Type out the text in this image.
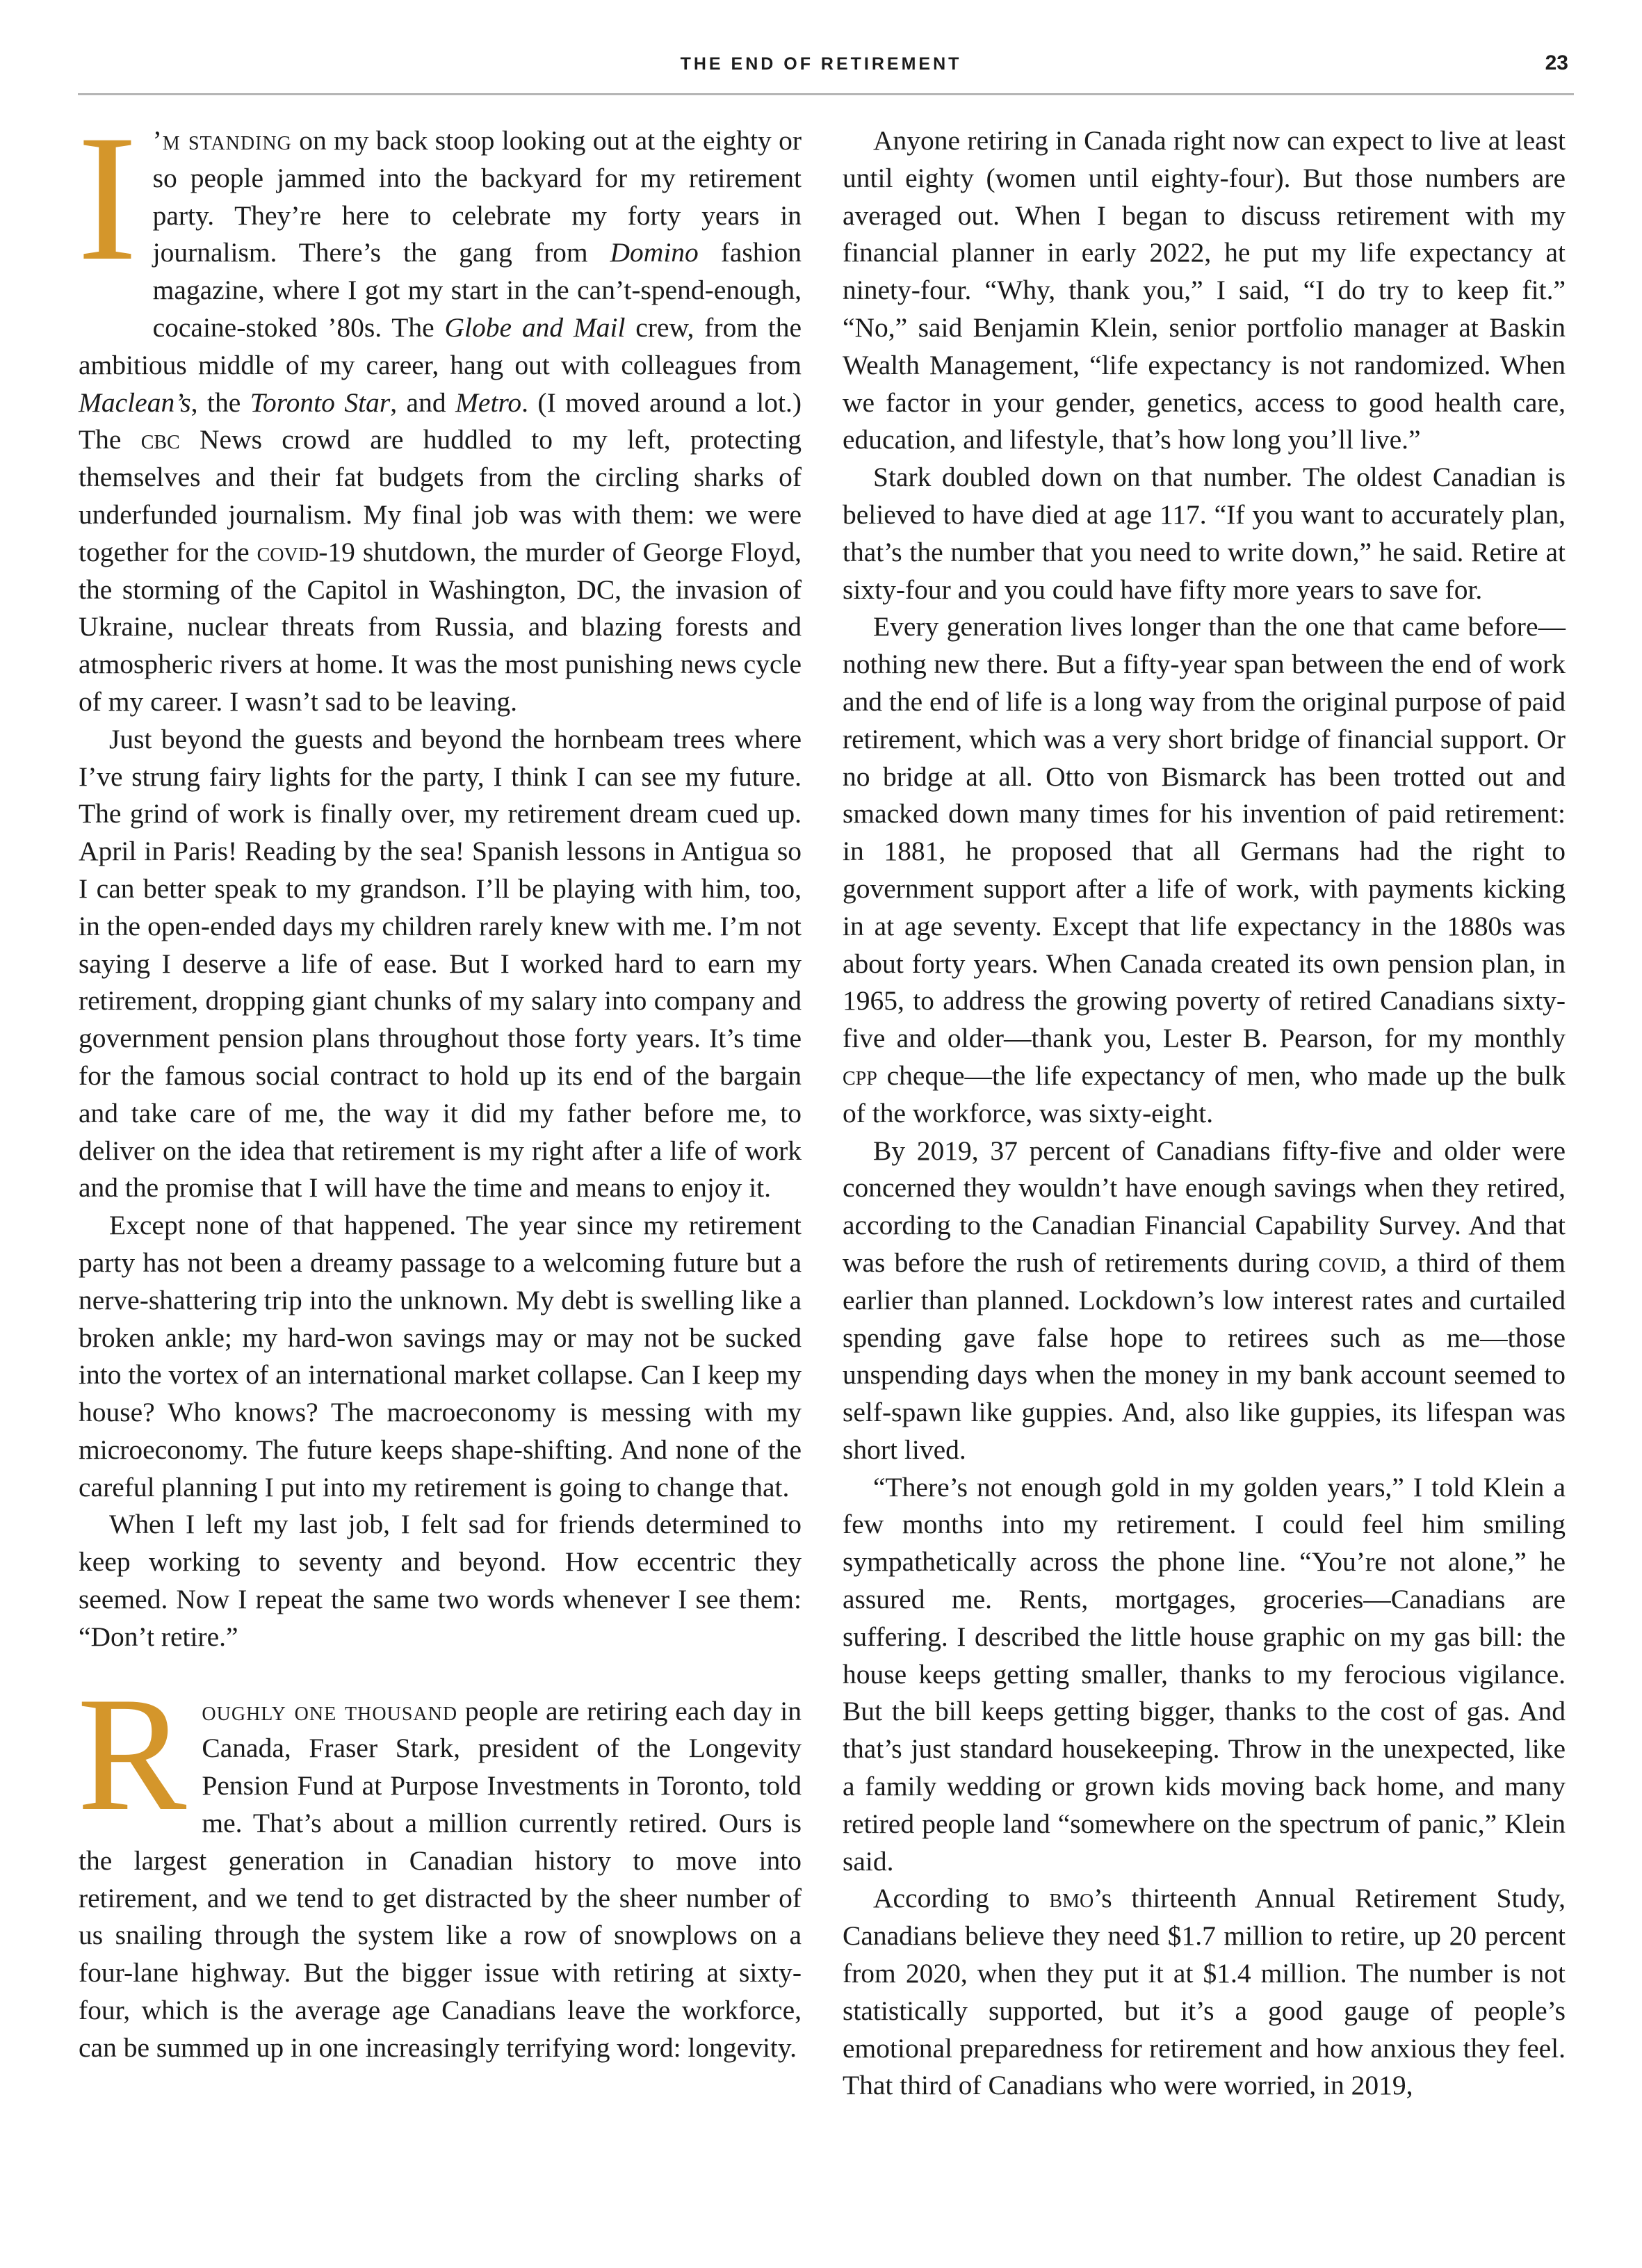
THE END OF RETIREMENT	23

I ’m standing on my back stoop looking out at the eighty or so people jammed into the backyard for my retirement party. They’re here to celebrate my forty years in journalism. There’s the gang from Domino fashion magazine, where I got my start in the can’t-spend-enough, cocaine-stoked ’80s. The Globe and Mail crew, from the ambitious middle of my career, hang out with colleagues from Maclean’s, the Toronto Star, and Metro. (I moved around a lot.) The cbc News crowd are huddled to my left, protecting themselves and their fat budgets from the circling sharks of underfunded journalism. My final job was with them: we were together for the covid-19 shutdown, the murder of George Floyd, the storming of the Capitol in Washington, DC, the invasion of Ukraine, nuclear threats from Russia, and blazing forests and atmospheric rivers at home. It was the most punishing news cycle of my career. I wasn’t sad to be leaving.

Just beyond the guests and beyond the hornbeam trees where I’ve strung fairy lights for the party, I think I can see my future. The grind of work is finally over, my retirement dream cued up. April in Paris! Reading by the sea! Spanish lessons in Antigua so I can better speak to my grandson. I’ll be playing with him, too, in the open-ended days my children rarely knew with me. I’m not saying I deserve a life of ease. But I worked hard to earn my retirement, dropping giant chunks of my salary into company and government pension plans throughout those forty years. It’s time for the famous social contract to hold up its end of the bargain and take care of me, the way it did my father before me, to deliver on the idea that retirement is my right after a life of work and the promise that I will have the time and means to enjoy it.

Except none of that happened. The year since my retirement party has not been a dreamy passage to a welcoming future but a nerve-shattering trip into the unknown. My debt is swelling like a broken ankle; my hard-won savings may or may not be sucked into the vortex of an international market collapse. Can I keep my house? Who knows? The macroeconomy is messing with my microeconomy. The future keeps shape-shifting. And none of the careful planning I put into my retirement is going to change that.

When I left my last job, I felt sad for friends determined to keep working to seventy and beyond. How eccentric they seemed. Now I repeat the same two words whenever I see them: “Don’t retire.”

Roughly one thousand people are retiring each day in Canada, Fraser Stark, president of the Longevity Pension Fund at Purpose Investments in Toronto, told me. That’s about a million currently retired. Ours is the largest generation in Canadian history to move into retirement, and we tend to get distracted by the sheer number of us snailing through the system like a row of snowplows on a four-lane highway. But the bigger issue with retiring at sixty-four, which is the average age Canadians leave the workforce, can be summed up in one increasingly terrifying word: longevity.

Anyone retiring in Canada right now can expect to live at least until eighty (women until eighty-four). But those numbers are averaged out. When I began to discuss retirement with my financial planner in early 2022, he put my life expectancy at ninety-four. “Why, thank you,” I said, “I do try to keep fit.” “No,” said Benjamin Klein, senior portfolio manager at Baskin Wealth Management, “life expectancy is not randomized. When we factor in your gender, genetics, access to good health care, education, and lifestyle, that’s how long you’ll live.”

Stark doubled down on that number. The oldest Canadian is believed to have died at age 117. “If you want to accurately plan, that’s the number that you need to write down,” he said. Retire at sixty-four and you could have fifty more years to save for.

Every generation lives longer than the one that came before—nothing new there. But a fifty-year span between the end of work and the end of life is a long way from the original purpose of paid retirement, which was a very short bridge of financial support. Or no bridge at all. Otto von Bismarck has been trotted out and smacked down many times for his invention of paid retirement: in 1881, he proposed that all Germans had the right to government support after a life of work, with payments kicking in at age seventy. Except that life expectancy in the 1880s was about forty years. When Canada created its own pension plan, in 1965, to address the growing poverty of retired Canadians sixty-five and older—thank you, Lester B. Pearson, for my monthly cpp cheque—the life expectancy of men, who made up the bulk of the workforce, was sixty-eight.

By 2019, 37 percent of Canadians fifty-five and older were concerned they wouldn’t have enough savings when they retired, according to the Canadian Financial Capability Survey. And that was before the rush of retirements during covid, a third of them earlier than planned. Lockdown’s low interest rates and curtailed spending gave false hope to retirees such as me—those unspending days when the money in my bank account seemed to self-spawn like guppies. And, also like guppies, its lifespan was short lived.

“There’s not enough gold in my golden years,” I told Klein a few months into my retirement. I could feel him smiling sympathetically across the phone line. “You’re not alone,” he assured me. Rents, mortgages, groceries—Canadians are suffering. I described the little house graphic on my gas bill: the house keeps getting smaller, thanks to my ferocious vigilance. But the bill keeps getting bigger, thanks to the cost of gas. And that’s just standard housekeeping. Throw in the unexpected, like a family wedding or grown kids moving back home, and many retired people land “somewhere on the spectrum of panic,” Klein said.

According to bmo’s thirteenth Annual Retirement Study, Canadians believe they need $1.7 million to retire, up 20 percent from 2020, when they put it at $1.4 million. The number is not statistically supported, but it’s a good gauge of people’s emotional preparedness for retirement and how anxious they feel. That third of Canadians who were worried, in 2019,
